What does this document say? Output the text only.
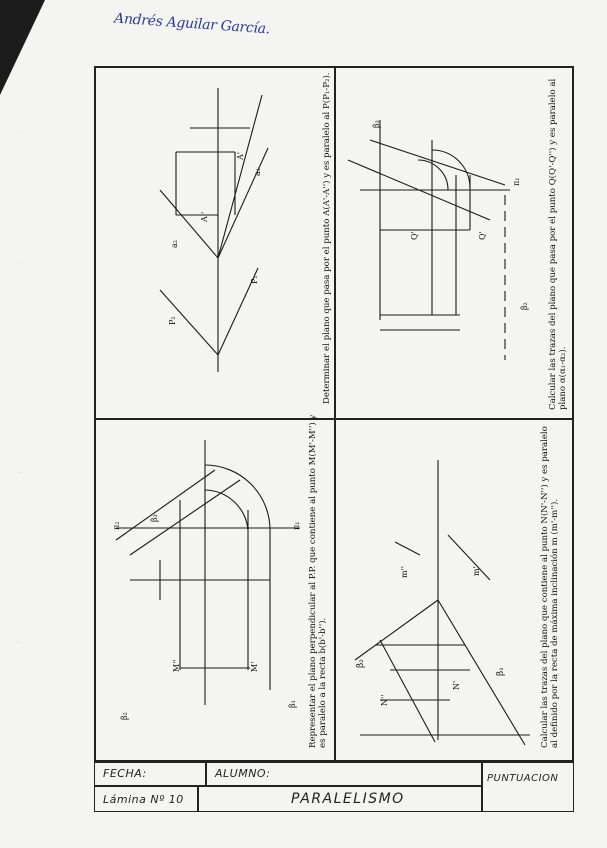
Andrés Aguilar García.
·
·
·
·
Determinar el plano que pasa por el punto A(A'-A'') y es paralelo al P(P₁-P₂).	Calcular las trazas del plano que pasa por el punto Q(Q'-Q'') y es paralelo al plano α(α₁-α₂).
Representar el plano perpendicular al P.P. que contiene al punto M(M'-M'') y es paralelo a la recta b(b'-b'').	Calcular las trazas del plano que contiene al punto N(N'-N'') y es paralelo al definido por la recta de máxima inclinación m (m'-m'').
A''
A'
P₁
P₂
a₁
a₂
β₃
Q''	Q'
β₂
π₁
π₂	π₁
β₂
β₁
M''	M'
β₃
m''	m'
β₂
β₁
N''
N'
FECHA:	ALUMNO:	PUNTUACION
Lámina Nº 10	PARALELISMO
